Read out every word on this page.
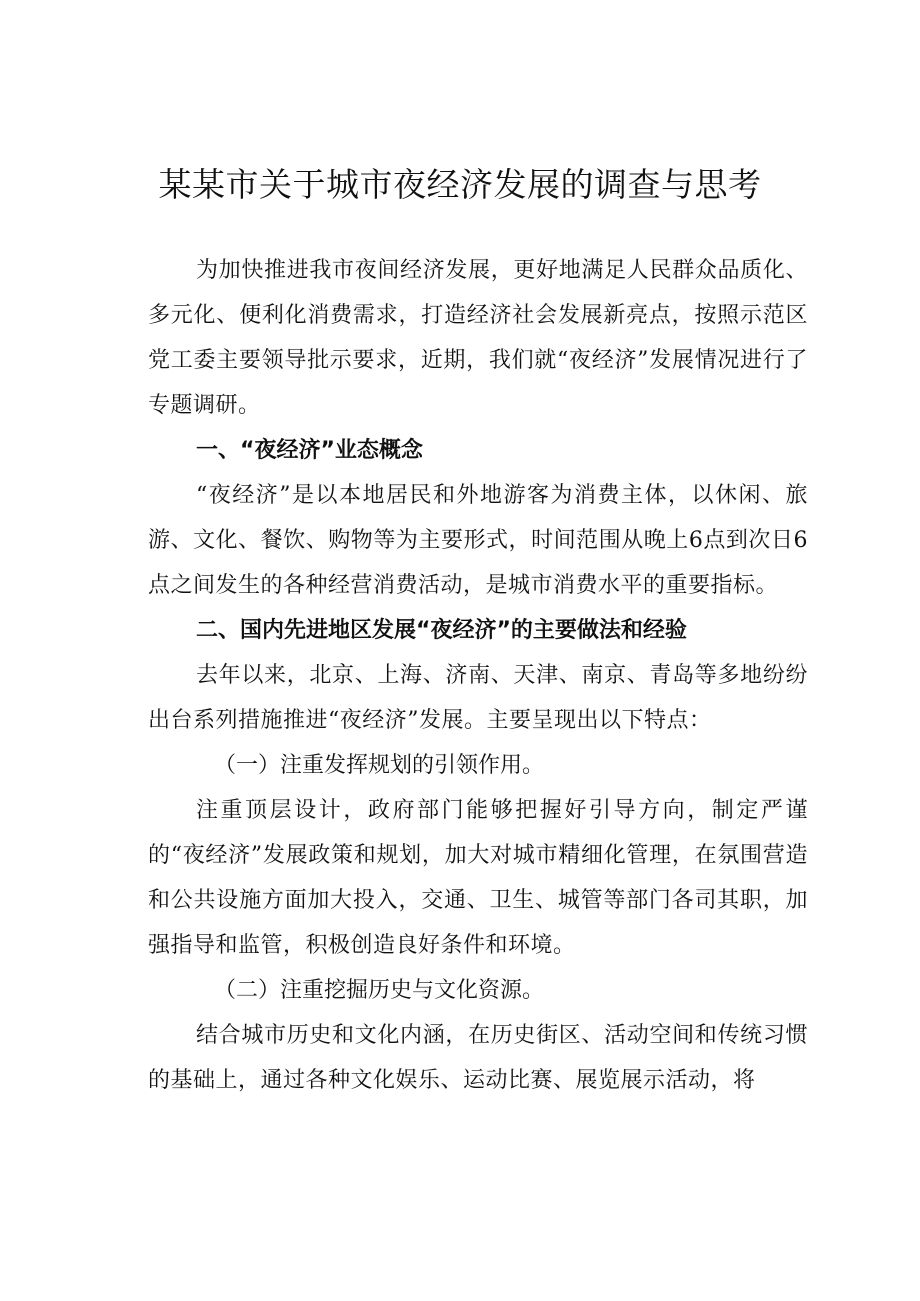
某某市关于城市夜经济发展的调查与思考

为加快推进我市夜间经济发展，更好地满足人民群众品质化、多元化、便利化消费需求，打造经济社会发展新亮点，按照示范区党工委主要领导批示要求，近期，我们就“夜经济”发展情况进行了专题调研。

一、“夜经济”业态概念

“夜经济”是以本地居民和外地游客为消费主体，以休闲、旅游、文化、餐饮、购物等为主要形式，时间范围从晚上6点到次日6点之间发生的各种经营消费活动，是城市消费水平的重要指标。

二、国内先进地区发展“夜经济”的主要做法和经验

去年以来，北京、上海、济南、天津、南京、青岛等多地纷纷出台系列措施推进“夜经济”发展。主要呈现出以下特点：

（一）注重发挥规划的引领作用。

注重顶层设计，政府部门能够把握好引导方向，制定严谨的“夜经济”发展政策和规划，加大对城市精细化管理，在氛围营造和公共设施方面加大投入，交通、卫生、城管等部门各司其职，加强指导和监管，积极创造良好条件和环境。

（二）注重挖掘历史与文化资源。

结合城市历史和文化内涵，在历史街区、活动空间和传统习惯的基础上，通过各种文化娱乐、运动比赛、展览展示活动，将
